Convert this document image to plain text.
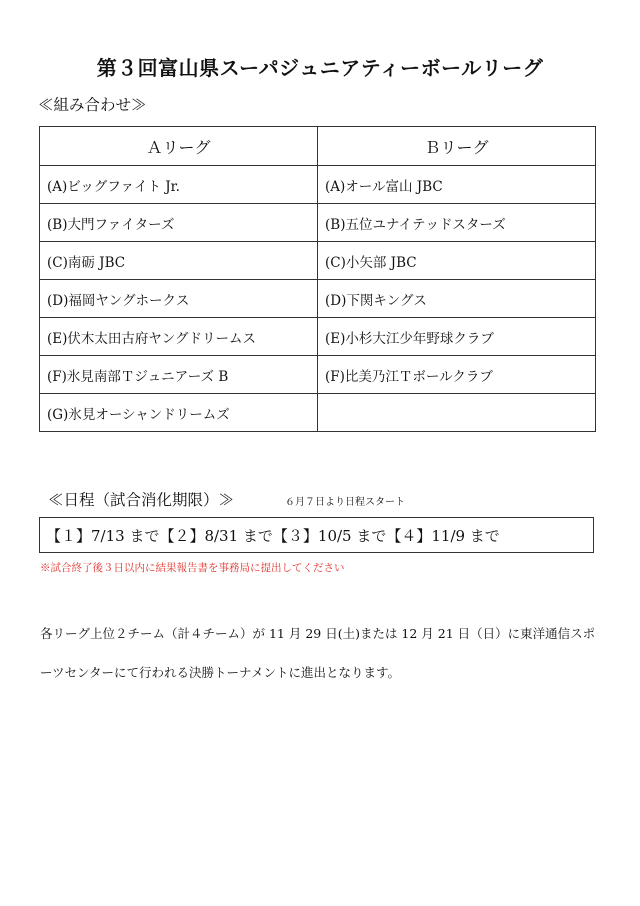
第３回富山県スーパジュニアティーボールリーグ
≪組み合わせ≫
Ａリーグ	Ｂリーグ
(A)ビッグファイト Jr.	(A)オール富山 JBC
(B)大門ファイターズ	(B)五位ユナイテッドスターズ
(C)南砺 JBC	(C)小矢部 JBC
(D)福岡ヤングホークス	(D)下関キングス
(E)伏木太田古府ヤングドリームス	(E)小杉大江少年野球クラブ
(F)氷見南部Ｔジュニアーズ B	(F)比美乃江Ｔボールクラブ
(G)氷見オーシャンドリームズ	
≪日程（試合消化期限）≫	６月７日より日程スタート
【１】7/13 まで【２】8/31 まで【３】10/5 まで【４】11/9 まで
※試合終了後３日以内に結果報告書を事務局に提出してください
各リーグ上位２チーム（計４チーム）が 11 月 29 日(土)または 12 月 21 日（日）に東洋通信スポ
ーツセンターにて行われる決勝トーナメントに進出となります。
